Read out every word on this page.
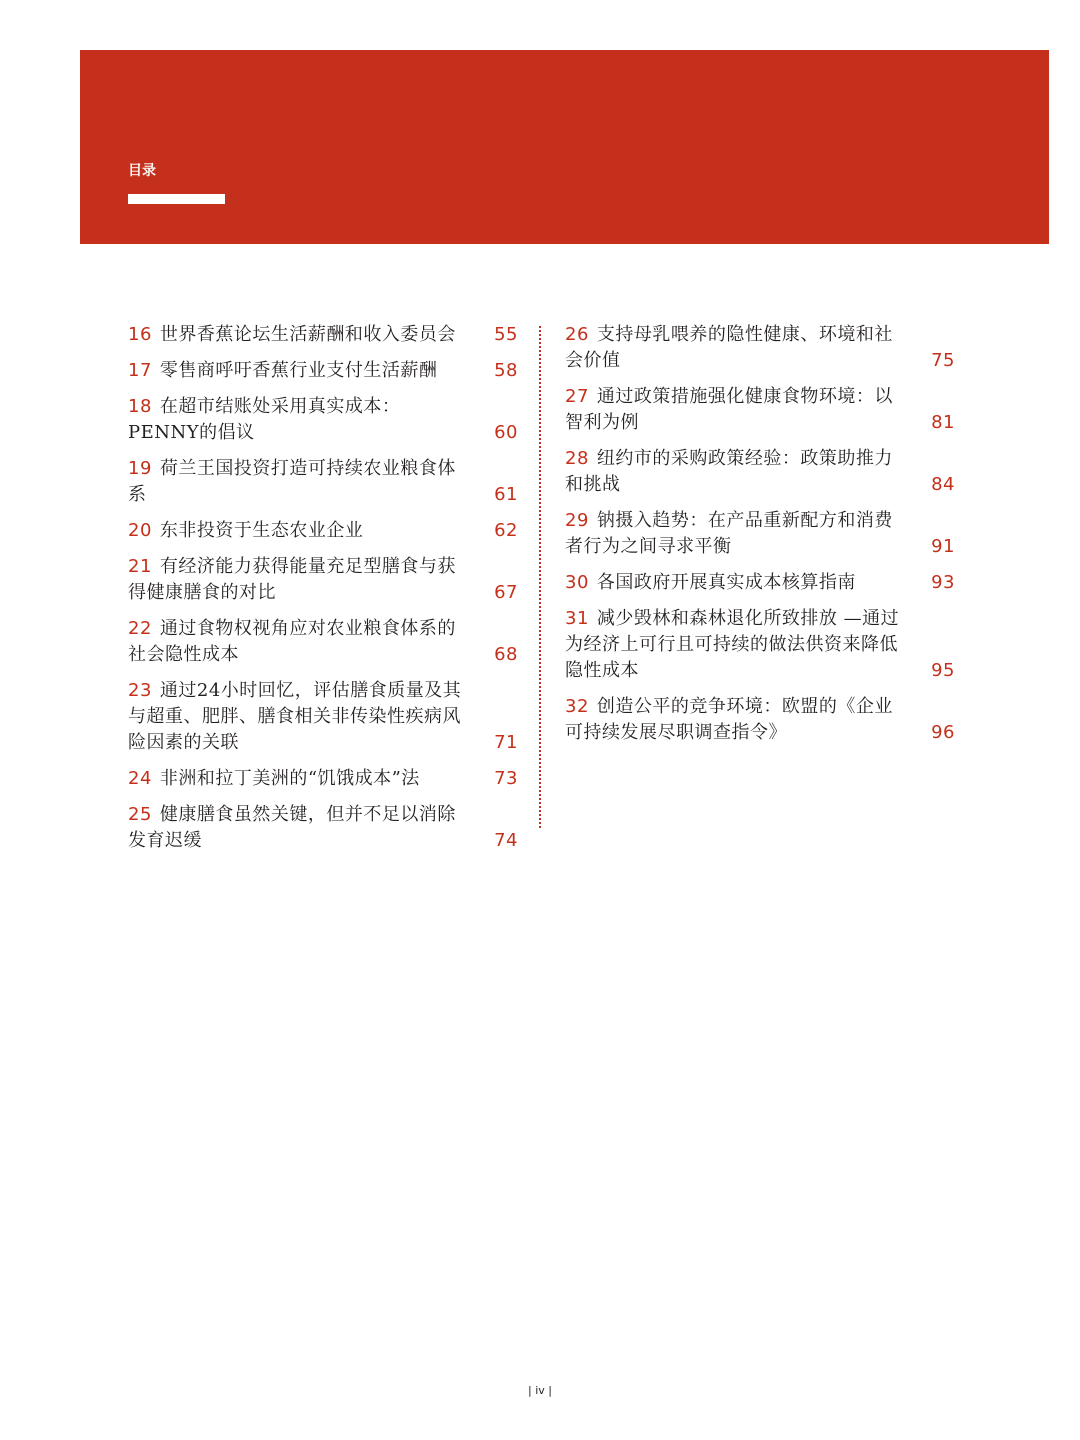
目录
16 世界香蕉论坛生活薪酬和收入委员会 55
17 零售商呼吁香蕉行业支付生活薪酬	58
18 在超市结账处采用真实成本：PENNY的倡议	60
19 荷兰王国投资打造可持续农业粮食体系	61
20 东非投资于生态农业企业	62
21 有经济能力获得能量充足型膳食与获得健康膳食的对比	67
22 通过食物权视角应对农业粮食体系的社会隐性成本	68
23 通过24小时回忆，评估膳食质量及其与超重、肥胖、膳食相关非传染性疾病风险因素的关联	71
24 非洲和拉丁美洲的“饥饿成本”法	73
25 健康膳食虽然关键，但并不足以消除发育迟缓	74
26 支持母乳喂养的隐性健康、环境和社会价值	75
27 通过政策措施强化健康食物环境：以智利为例	81
28 纽约市的采购政策经验：政策助推力和挑战	84
29 钠摄入趋势：在产品重新配方和消费者行为之间寻求平衡	91
30 各国政府开展真实成本核算指南	93
31 减少毁林和森林退化所致排放 —通过为经济上可行且可持续的做法供资来降低隐性成本	95
32 创造公平的竞争环境：欧盟的《企业可持续发展尽职调查指令》	96
| iv |
